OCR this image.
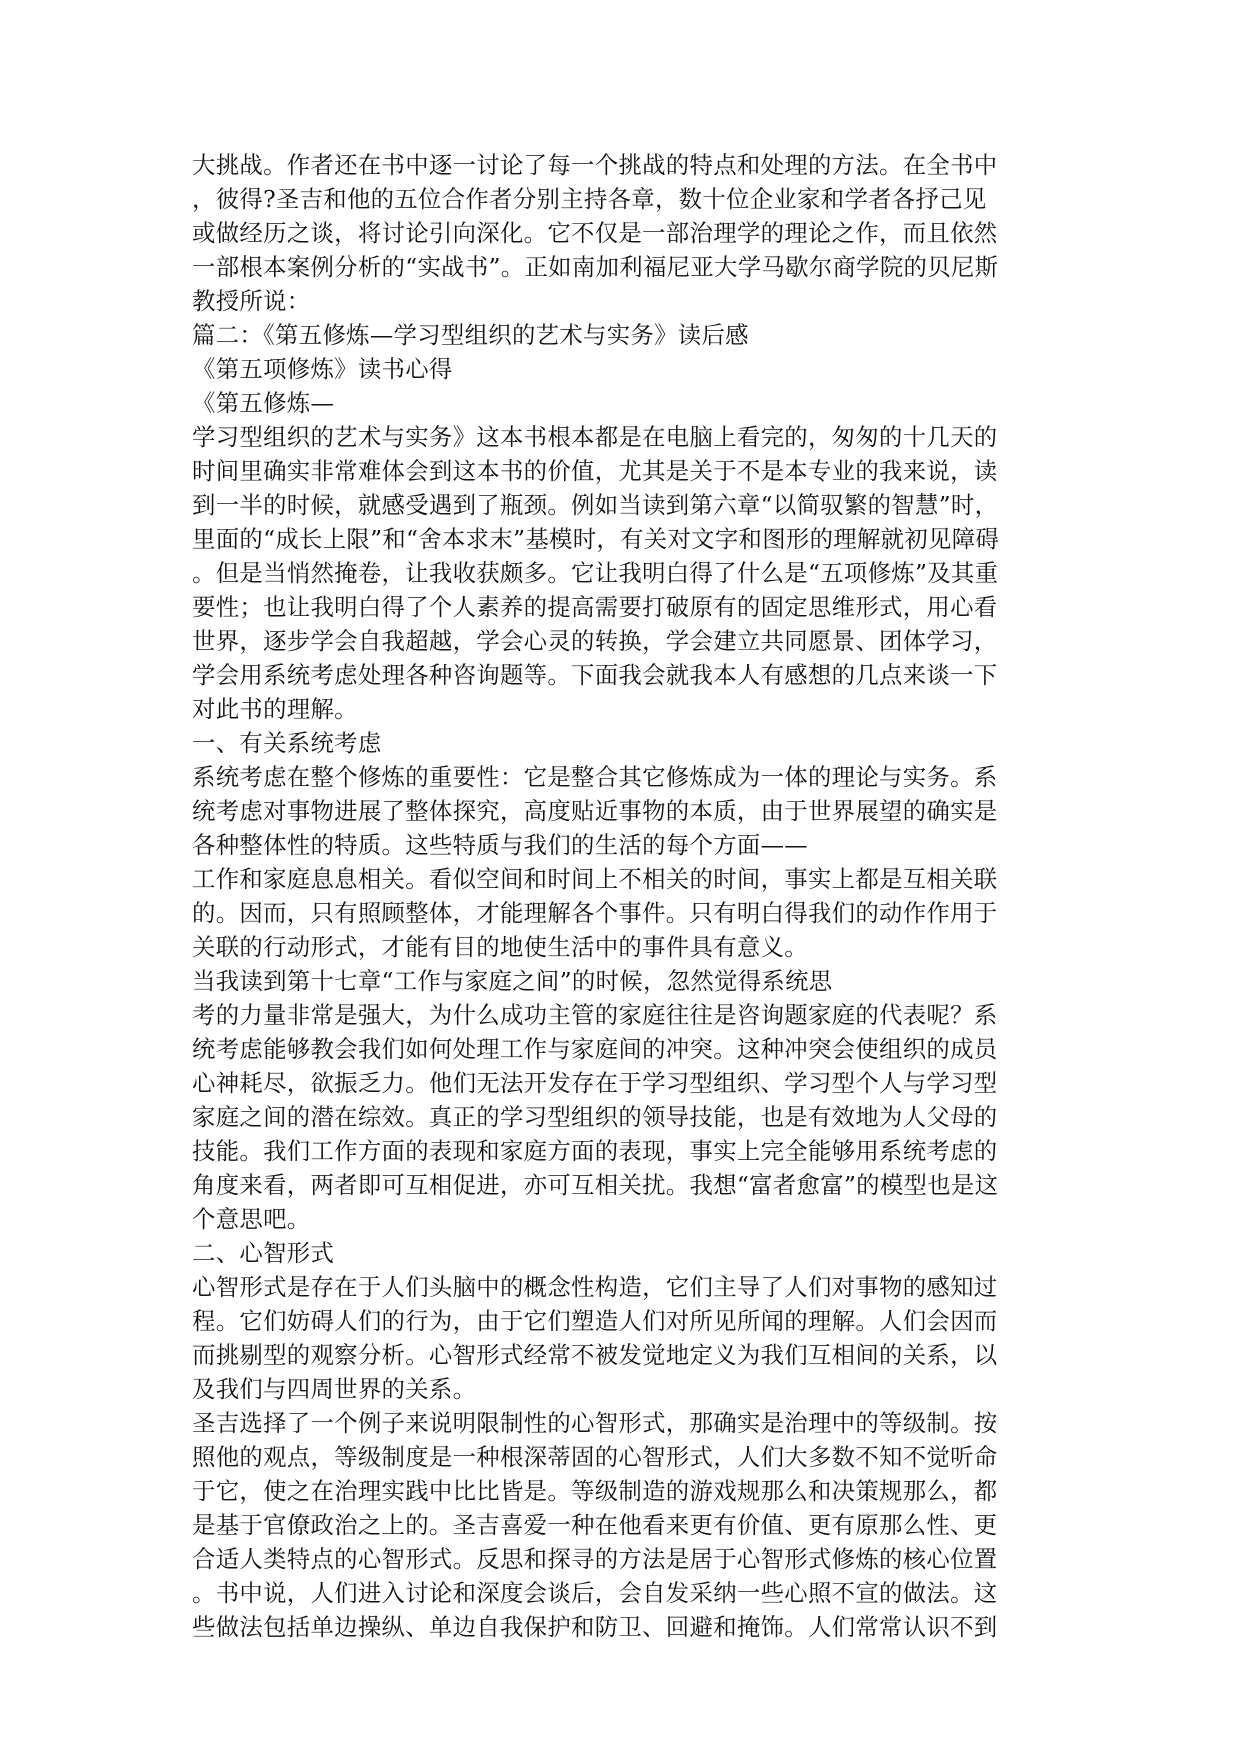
大挑战。作者还在书中逐一讨论了每一个挑战的特点和处理的方法。在全书中
，彼得?圣吉和他的五位合作者分别主持各章，数十位企业家和学者各抒己见
或做经历之谈，将讨论引向深化。它不仅是一部治理学的理论之作，而且依然
一部根本案例分析的“实战书”。正如南加利福尼亚大学马歇尔商学院的贝尼斯
教授所说：
篇二：《第五修炼—学习型组织的艺术与实务》读后感
《第五项修炼》读书心得
《第五修炼—
学习型组织的艺术与实务》这本书根本都是在电脑上看完的，匆匆的十几天的
时间里确实非常难体会到这本书的价值，尤其是关于不是本专业的我来说，读
到一半的时候，就感受遇到了瓶颈。例如当读到第六章“以简驭繁的智慧”时，
里面的“成长上限”和“舍本求末”基模时，有关对文字和图形的理解就初见障碍
。但是当悄然掩卷，让我收获颇多。它让我明白得了什么是“五项修炼”及其重
要性；也让我明白得了个人素养的提高需要打破原有的固定思维形式，用心看
世界，逐步学会自我超越，学会心灵的转换，学会建立共同愿景、团体学习，
学会用系统考虑处理各种咨询题等。下面我会就我本人有感想的几点来谈一下
对此书的理解。
一、有关系统考虑
系统考虑在整个修炼的重要性：它是整合其它修炼成为一体的理论与实务。系
统考虑对事物进展了整体探究，高度贴近事物的本质，由于世界展望的确实是
各种整体性的特质。这些特质与我们的生活的每个方面——
工作和家庭息息相关。看似空间和时间上不相关的时间，事实上都是互相关联
的。因而，只有照顾整体，才能理解各个事件。只有明白得我们的动作作用于
关联的行动形式，才能有目的地使生活中的事件具有意义。
当我读到第十七章“工作与家庭之间”的时候，忽然觉得系统思
考的力量非常是强大，为什么成功主管的家庭往往是咨询题家庭的代表呢？系
统考虑能够教会我们如何处理工作与家庭间的冲突。这种冲突会使组织的成员
心神耗尽，欲振乏力。他们无法开发存在于学习型组织、学习型个人与学习型
家庭之间的潜在综效。真正的学习型组织的领导技能，也是有效地为人父母的
技能。我们工作方面的表现和家庭方面的表现，事实上完全能够用系统考虑的
角度来看，两者即可互相促进，亦可互相关扰。我想“富者愈富”的模型也是这
个意思吧。
二、心智形式
心智形式是存在于人们头脑中的概念性构造，它们主导了人们对事物的感知过
程。它们妨碍人们的行为，由于它们塑造人们对所见所闻的理解。人们会因而
而挑剔型的观察分析。心智形式经常不被发觉地定义为我们互相间的关系，以
及我们与四周世界的关系。
圣吉选择了一个例子来说明限制性的心智形式，那确实是治理中的等级制。按
照他的观点，等级制度是一种根深蒂固的心智形式，人们大多数不知不觉听命
于它，使之在治理实践中比比皆是。等级制造的游戏规那么和决策规那么，都
是基于官僚政治之上的。圣吉喜爱一种在他看来更有价值、更有原那么性、更
合适人类特点的心智形式。反思和探寻的方法是居于心智形式修炼的核心位置
。书中说，人们进入讨论和深度会谈后，会自发采纳一些心照不宣的做法。这
些做法包括单边操纵、单边自我保护和防卫、回避和掩饰。人们常常认识不到
